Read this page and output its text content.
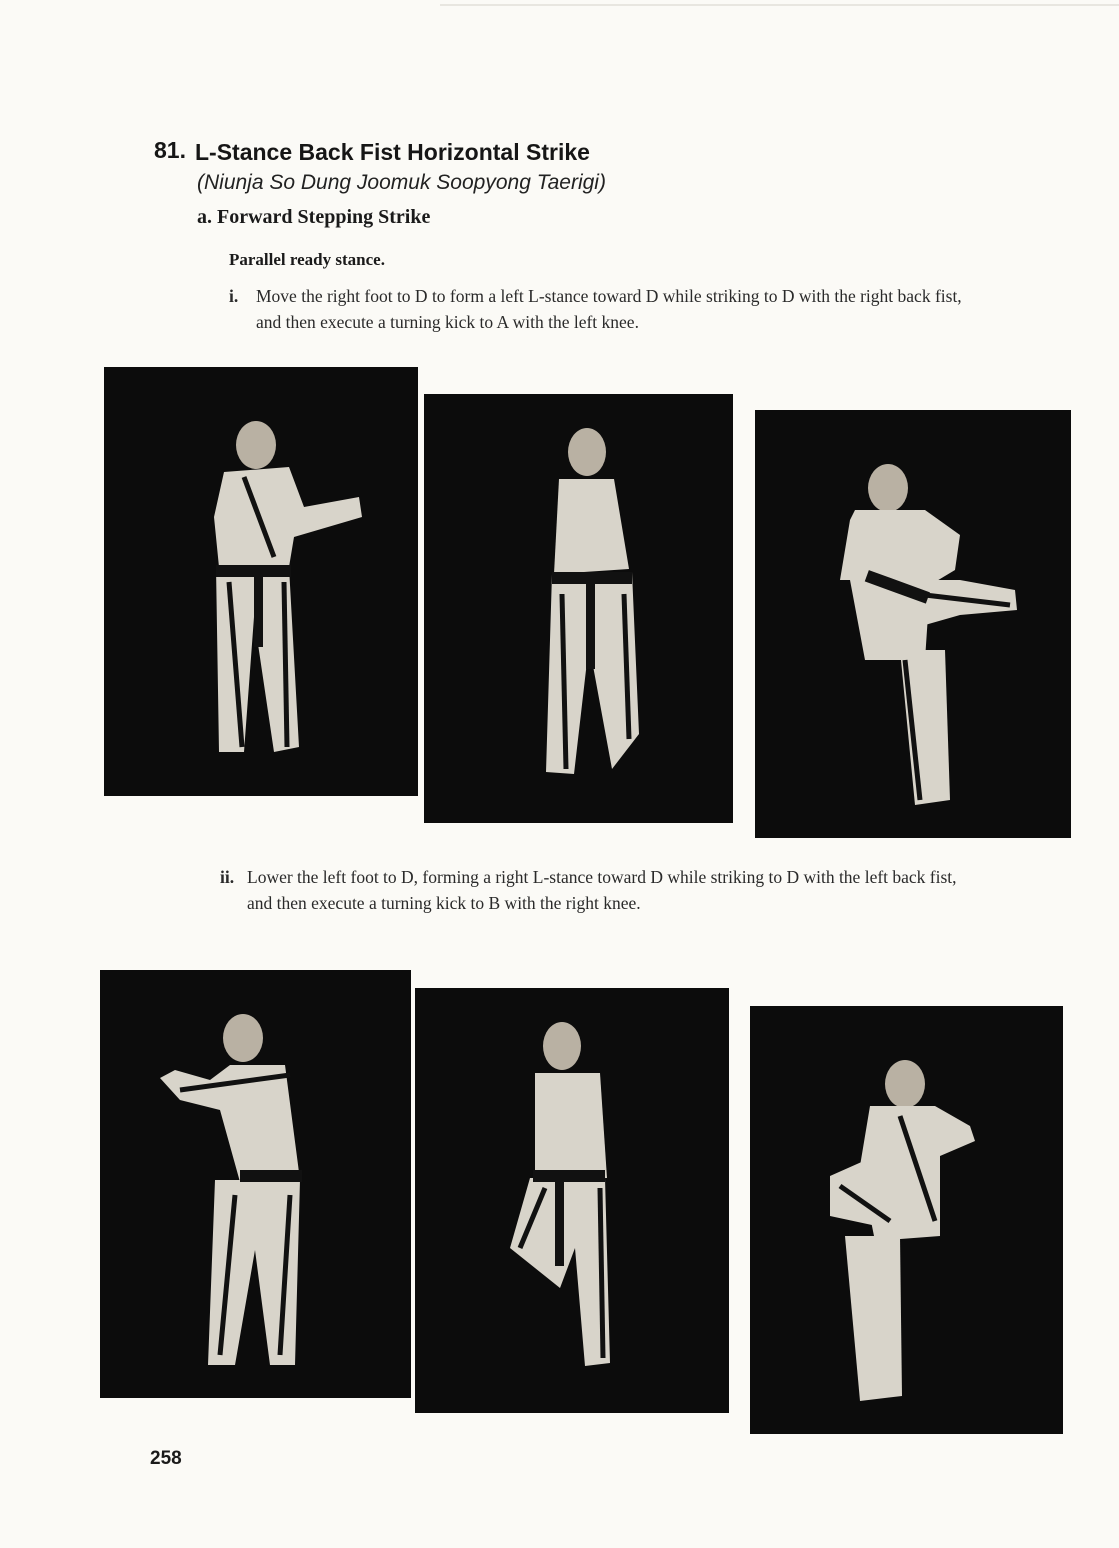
81. L-Stance Back Fist Horizontal Strike
(Niunja So Dung Joomuk Soopyong Taerigi)
a. Forward Stepping Strike
Parallel ready stance.
i. Move the right foot to D to form a left L-stance toward D while striking to D with the right back fist, and then execute a turning kick to A with the left knee.
ii. Lower the left foot to D, forming a right L-stance toward D while striking to D with the left back fist, and then execute a turning kick to B with the right knee.
258
